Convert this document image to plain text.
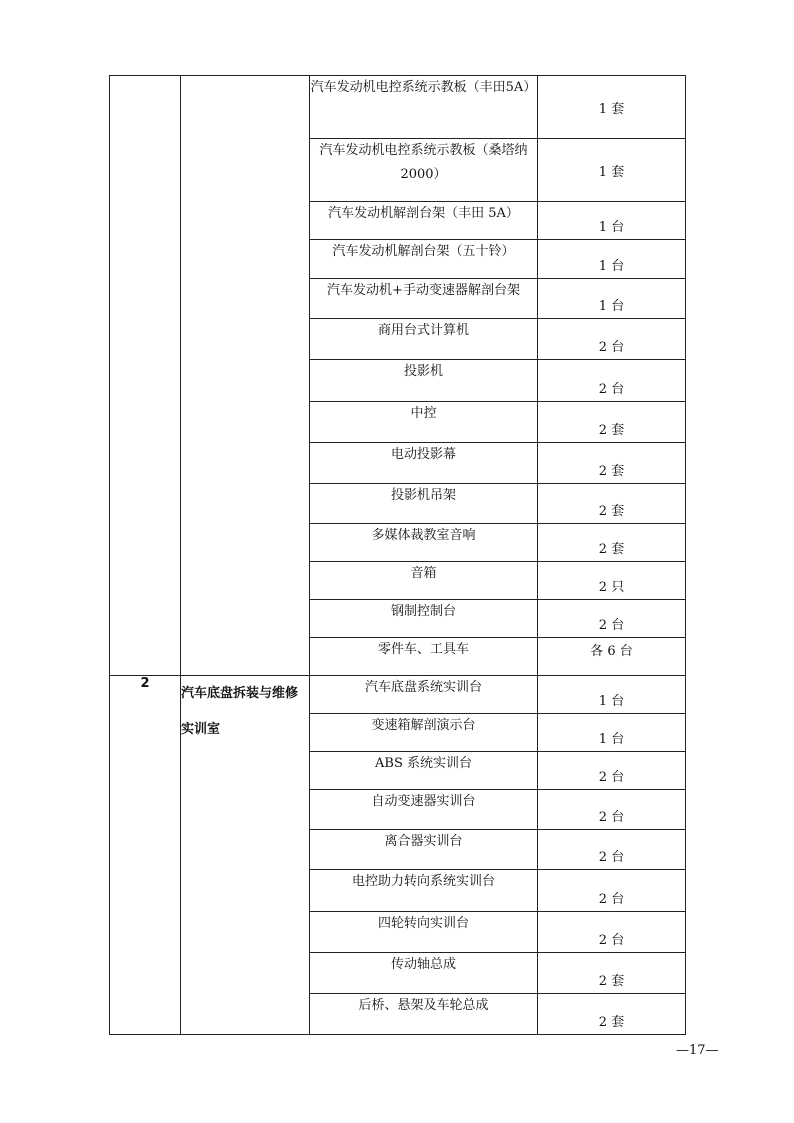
		汽车发动机电控系统示教板（丰田5A）	1 套

		汽车发动机电控系统示教板（桑塔纳 2000）	1 套

		汽车发动机解剖台架（丰田 5A）	1 台

		汽车发动机解剖台架（五十铃）	1 台

		汽车发动机+手动变速器解剖台架	1 台

		商用台式计算机	2 台

		投影机	2 台

		中控	2 套

		电动投影幕	2 套

		投影机吊架	2 套

		多媒体裁教室音响	2 套

		音箱	2 只

		钢制控制台	2 台

		零件车、工具车	各 6 台

2	汽车底盘拆装与维修实训室	汽车底盘系统实训台	1 台

		变速箱解剖演示台	1 台

		ABS 系统实训台	2 台

		自动变速器实训台	2 台

		离合器实训台	2 台

		电控助力转向系统实训台	2 台

		四轮转向实训台	2 台

		传动轴总成	2 套

		后桥、悬架及车轮总成	2 套
—17—
